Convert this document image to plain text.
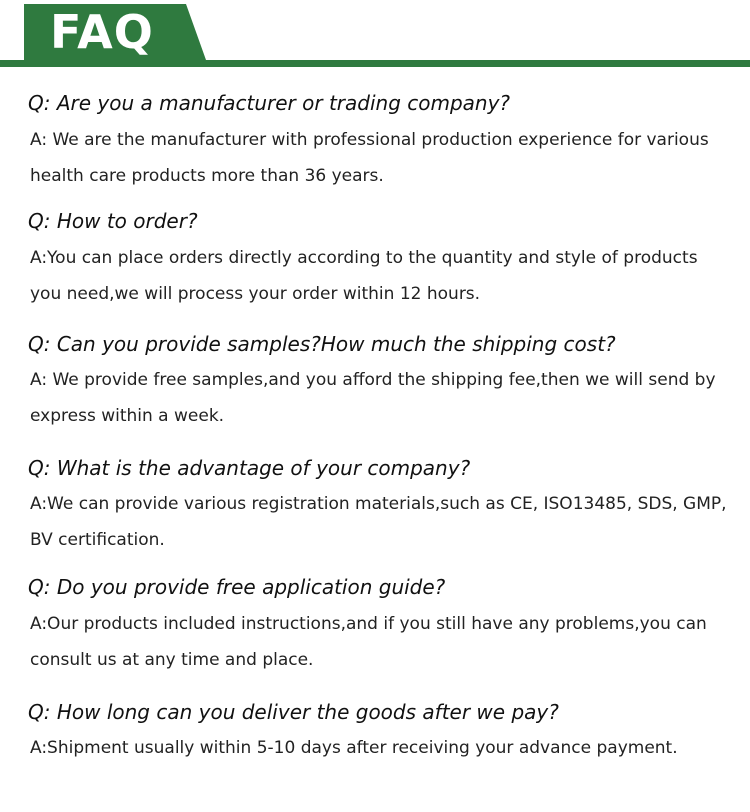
FAQ
Q: Are you a manufacturer or trading company?
A: We are the manufacturer with professional production experience for various health care products more than 36 years.
Q: How to order?
A:You can place orders directly according to the quantity and style of products you need,we will process your order within 12 hours.
Q: Can you provide samples?How much the shipping cost?
A: We provide free samples,and you afford the shipping fee,then we will send by express within a week.
Q: What is the advantage of your company?
A:We can provide various registration materials,such as CE, ISO13485, SDS, GMP, BV certification.
Q: Do you provide free application guide?
A:Our products included instructions,and if you still have any problems,you can consult us at any time and place.
Q: How long can you deliver the goods after we pay?
A:Shipment usually within 5-10 days after receiving your advance payment.
